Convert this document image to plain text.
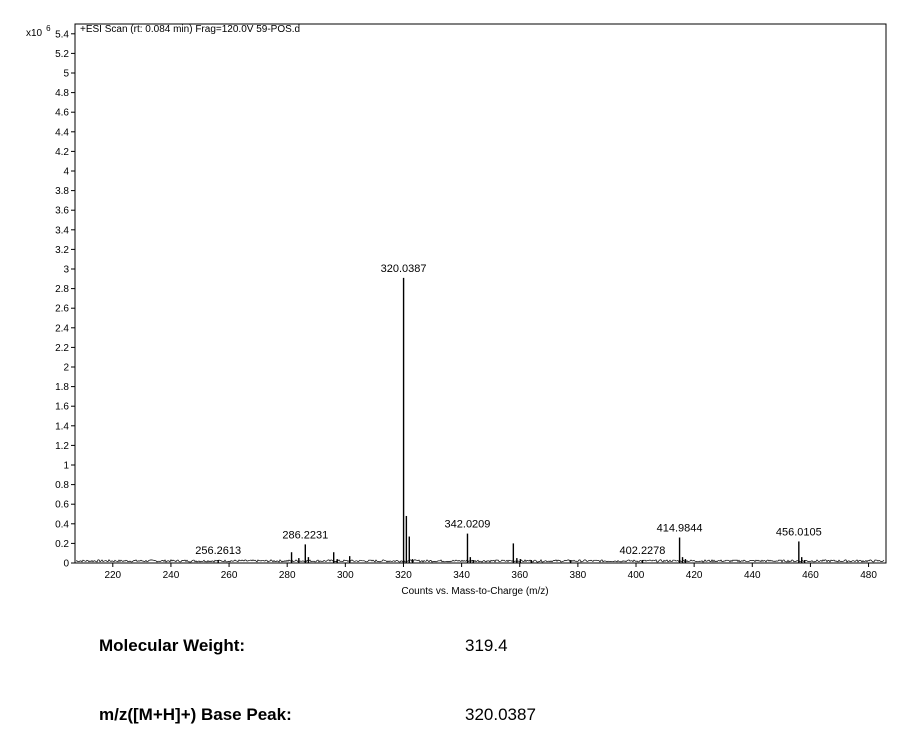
x10 $^6$	+ESI Scan (rt: 0.084 min) Frag=120.0V 59-POS.d
Counts vs. Mass-to-Charge (m/z)
0
0.2
0.4
0.6
0.8
1
1.2
1.4
1.6
1.8
2
2.2
2.4
2.6
2.8
3
3.2
3.4
3.6
3.8
4
4.2
4.4
4.6
4.8
5
5.2
5.4
220	240	260	280	300	320	340	360	380	400	420	440	460	480
256.2613
286.2231
320.0387
342.0209
402.2278
414.9844	456.0105
Molecular Weight:	319.4
m/z([M+H]+) Base Peak:	320.0387
